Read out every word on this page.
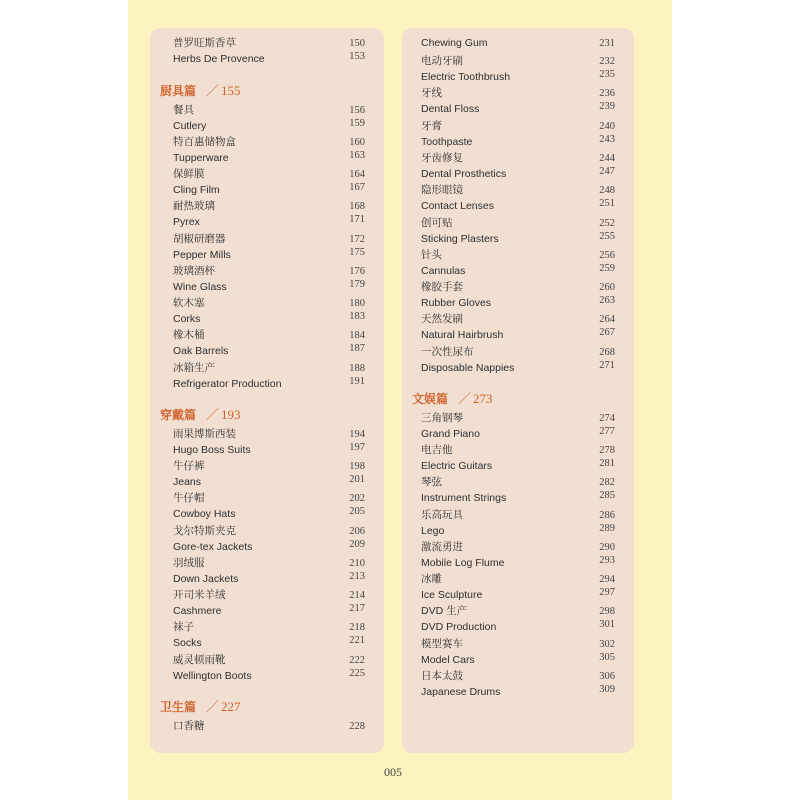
普罗旺斯香草
Herbs De Provence
150
153
厨具篇 ／ 155
餐具
Cutlery
156
159
特百惠储物盒
Tupperware
160
163
保鲜膜
Cling Film
164
167
耐热玻璃
Pyrex
168
171
胡椒研磨器
Pepper Mills
172
175
玻璃酒杯
Wine Glass
176
179
软木塞
Corks
180
183
橡木桶
Oak Barrels
184
187
冰箱生产
Refrigerator Production
188
191
穿戴篇 ／ 193
雨果博斯西装
Hugo Boss Suits
194
197
牛仔裤
Jeans
198
201
牛仔帽
Cowboy Hats
202
205
戈尔特斯夹克
Gore-tex Jackets
206
209
羽绒服
Down Jackets
210
213
开司米羊绒
Cashmere
214
217
袜子
Socks
218
221
威灵顿雨靴
Wellington Boots
222
225
卫生篇 ／ 227
口香糖	228
Chewing Gum	231
电动牙刷
Electric Toothbrush
232
235
牙线
Dental Floss
236
239
牙膏
Toothpaste
240
243
牙齿修复
Dental Prosthetics
244
247
隐形眼镜
Contact Lenses
248
251
创可贴
Sticking Plasters
252
255
针头
Cannulas
256
259
橡胶手套
Rubber Gloves
260
263
天然发刷
Natural Hairbrush
264
267
一次性尿布
Disposable Nappies
268
271
文娱篇 ／ 273
三角钢琴
Grand Piano
274
277
电吉他
Electric Guitars
278
281
琴弦
Instrument Strings
282
285
乐高玩具
Lego
286
289
激流勇进
Mobile Log Flume
290
293
冰雕
Ice Sculpture
294
297
DVD 生产
DVD Production
298
301
模型赛车
Model Cars
302
305
日本太鼓
Japanese Drums
306
309
005
